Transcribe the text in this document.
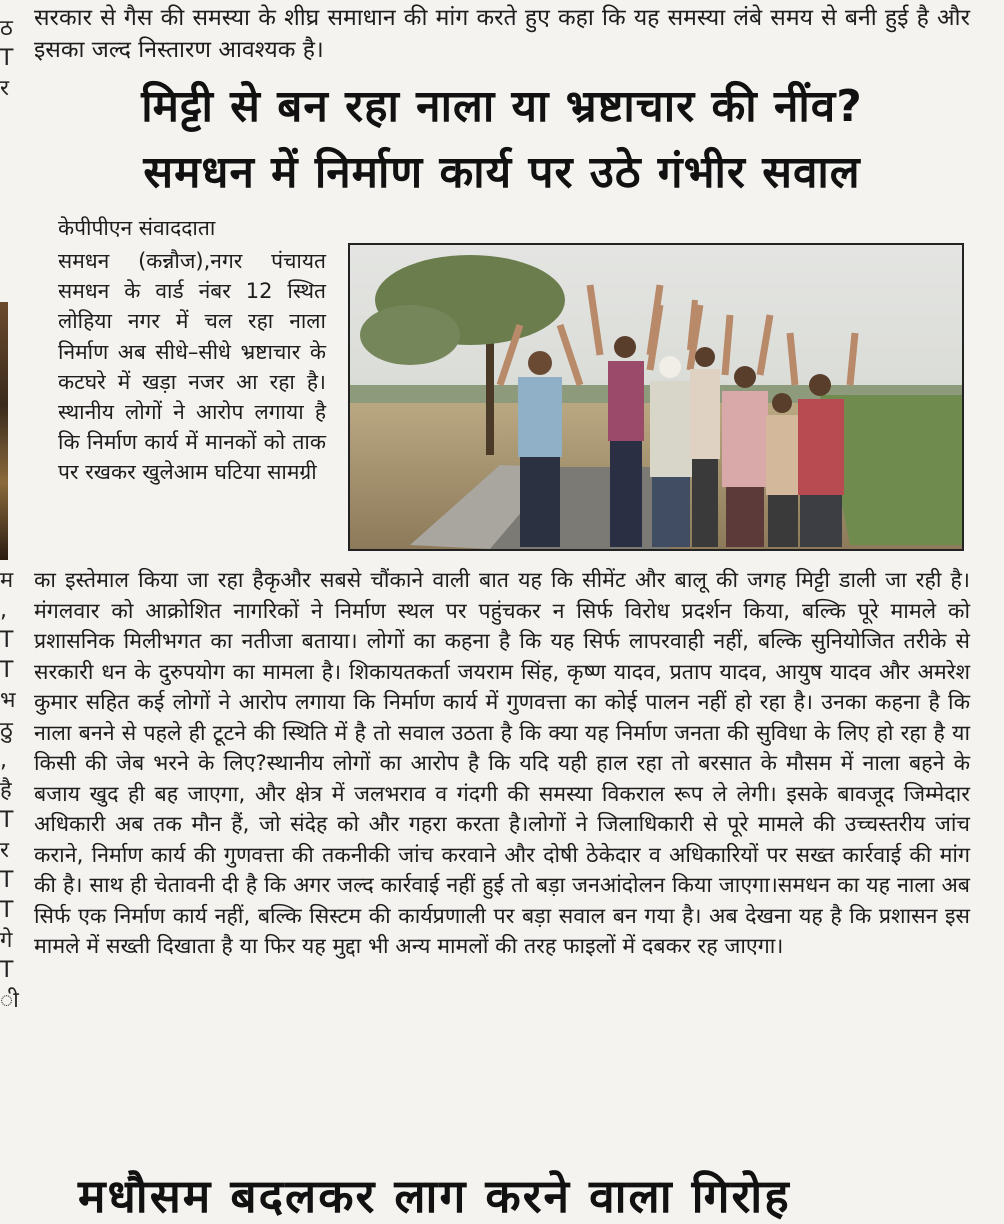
ठ
T
र
म
,
T
T
भ
ठु
,
है
T
र
T
T
गे
T
ी
सरकार से गैस की समस्या के शीघ्र समाधान की मांग करते हुए कहा कि यह समस्या लंबे समय से बनी हुई है और इसका जल्द निस्तारण आवश्यक है।
मिट्टी से बन रहा नाला या भ्रष्टाचार की नींव?
समधन में निर्माण कार्य पर उठे गंभीर सवाल
केपीपीएन संवाददाता
समधन (कन्नौज),नगर पंचायत समधन के वार्ड नंबर 12 स्थित लोहिया नगर में चल रहा नाला निर्माण अब सीधे–सीधे भ्रष्टाचार के कटघरे में खड़ा नजर आ रहा है। स्थानीय लोगों ने आरोप लगाया है कि निर्माण कार्य में मानकों को ताक पर रखकर खुलेआम घटिया सामग्री
का इस्तेमाल किया जा रहा हैकृऔर सबसे चौंकाने वाली बात यह कि सीमेंट और बालू की जगह मिट्टी डाली जा रही है। मंगलवार को आक्रोशित नागरिकों ने निर्माण स्थल पर पहुंचकर न सिर्फ विरोध प्रदर्शन किया, बल्कि पूरे मामले को प्रशासनिक मिलीभगत का नतीजा बताया। लोगों का कहना है कि यह सिर्फ लापरवाही नहीं, बल्कि सुनियोजित तरीके से सरकारी धन के दुरुपयोग का मामला है। शिकायतकर्ता जयराम सिंह, कृष्ण यादव, प्रताप यादव, आयुष यादव और अमरेश कुमार सहित कई लोगों ने आरोप लगाया कि निर्माण कार्य में गुणवत्ता का कोई पालन नहीं हो रहा है। उनका कहना है कि नाला बनने से पहले ही टूटने की स्थिति में है तो सवाल उठता है कि क्या यह निर्माण जनता की सुविधा के लिए हो रहा है या किसी की जेब भरने के लिए?स्थानीय लोगों का आरोप है कि यदि यही हाल रहा तो बरसात के मौसम में नाला बहने के बजाय खुद ही बह जाएगा, और क्षेत्र में जलभराव व गंदगी की समस्या विकराल रूप ले लेगी। इसके बावजूद जिम्मेदार अधिकारी अब तक मौन हैं, जो संदेह को और गहरा करता है।लोगों ने जिलाधिकारी से पूरे मामले की उच्चस्तरीय जांच कराने, निर्माण कार्य की गुणवत्ता की तकनीकी जांच करवाने और दोषी ठेकेदार व अधिकारियों पर सख्त कार्रवाई की मांग की है। साथ ही चेतावनी दी है कि अगर जल्द कार्रवाई नहीं हुई तो बड़ा जनआंदोलन किया जाएगा।समधन का यह नाला अब सिर्फ एक निर्माण कार्य नहीं, बल्कि सिस्टम की कार्यप्रणाली पर बड़ा सवाल बन गया है। अब देखना यह है कि प्रशासन इस मामले में सख्ती दिखाता है या फिर यह मुद्दा भी अन्य मामलों की तरह फाइलों में दबकर रह जाएगा।
मधौसम बदलकर लाग करने वाला गिरोह
